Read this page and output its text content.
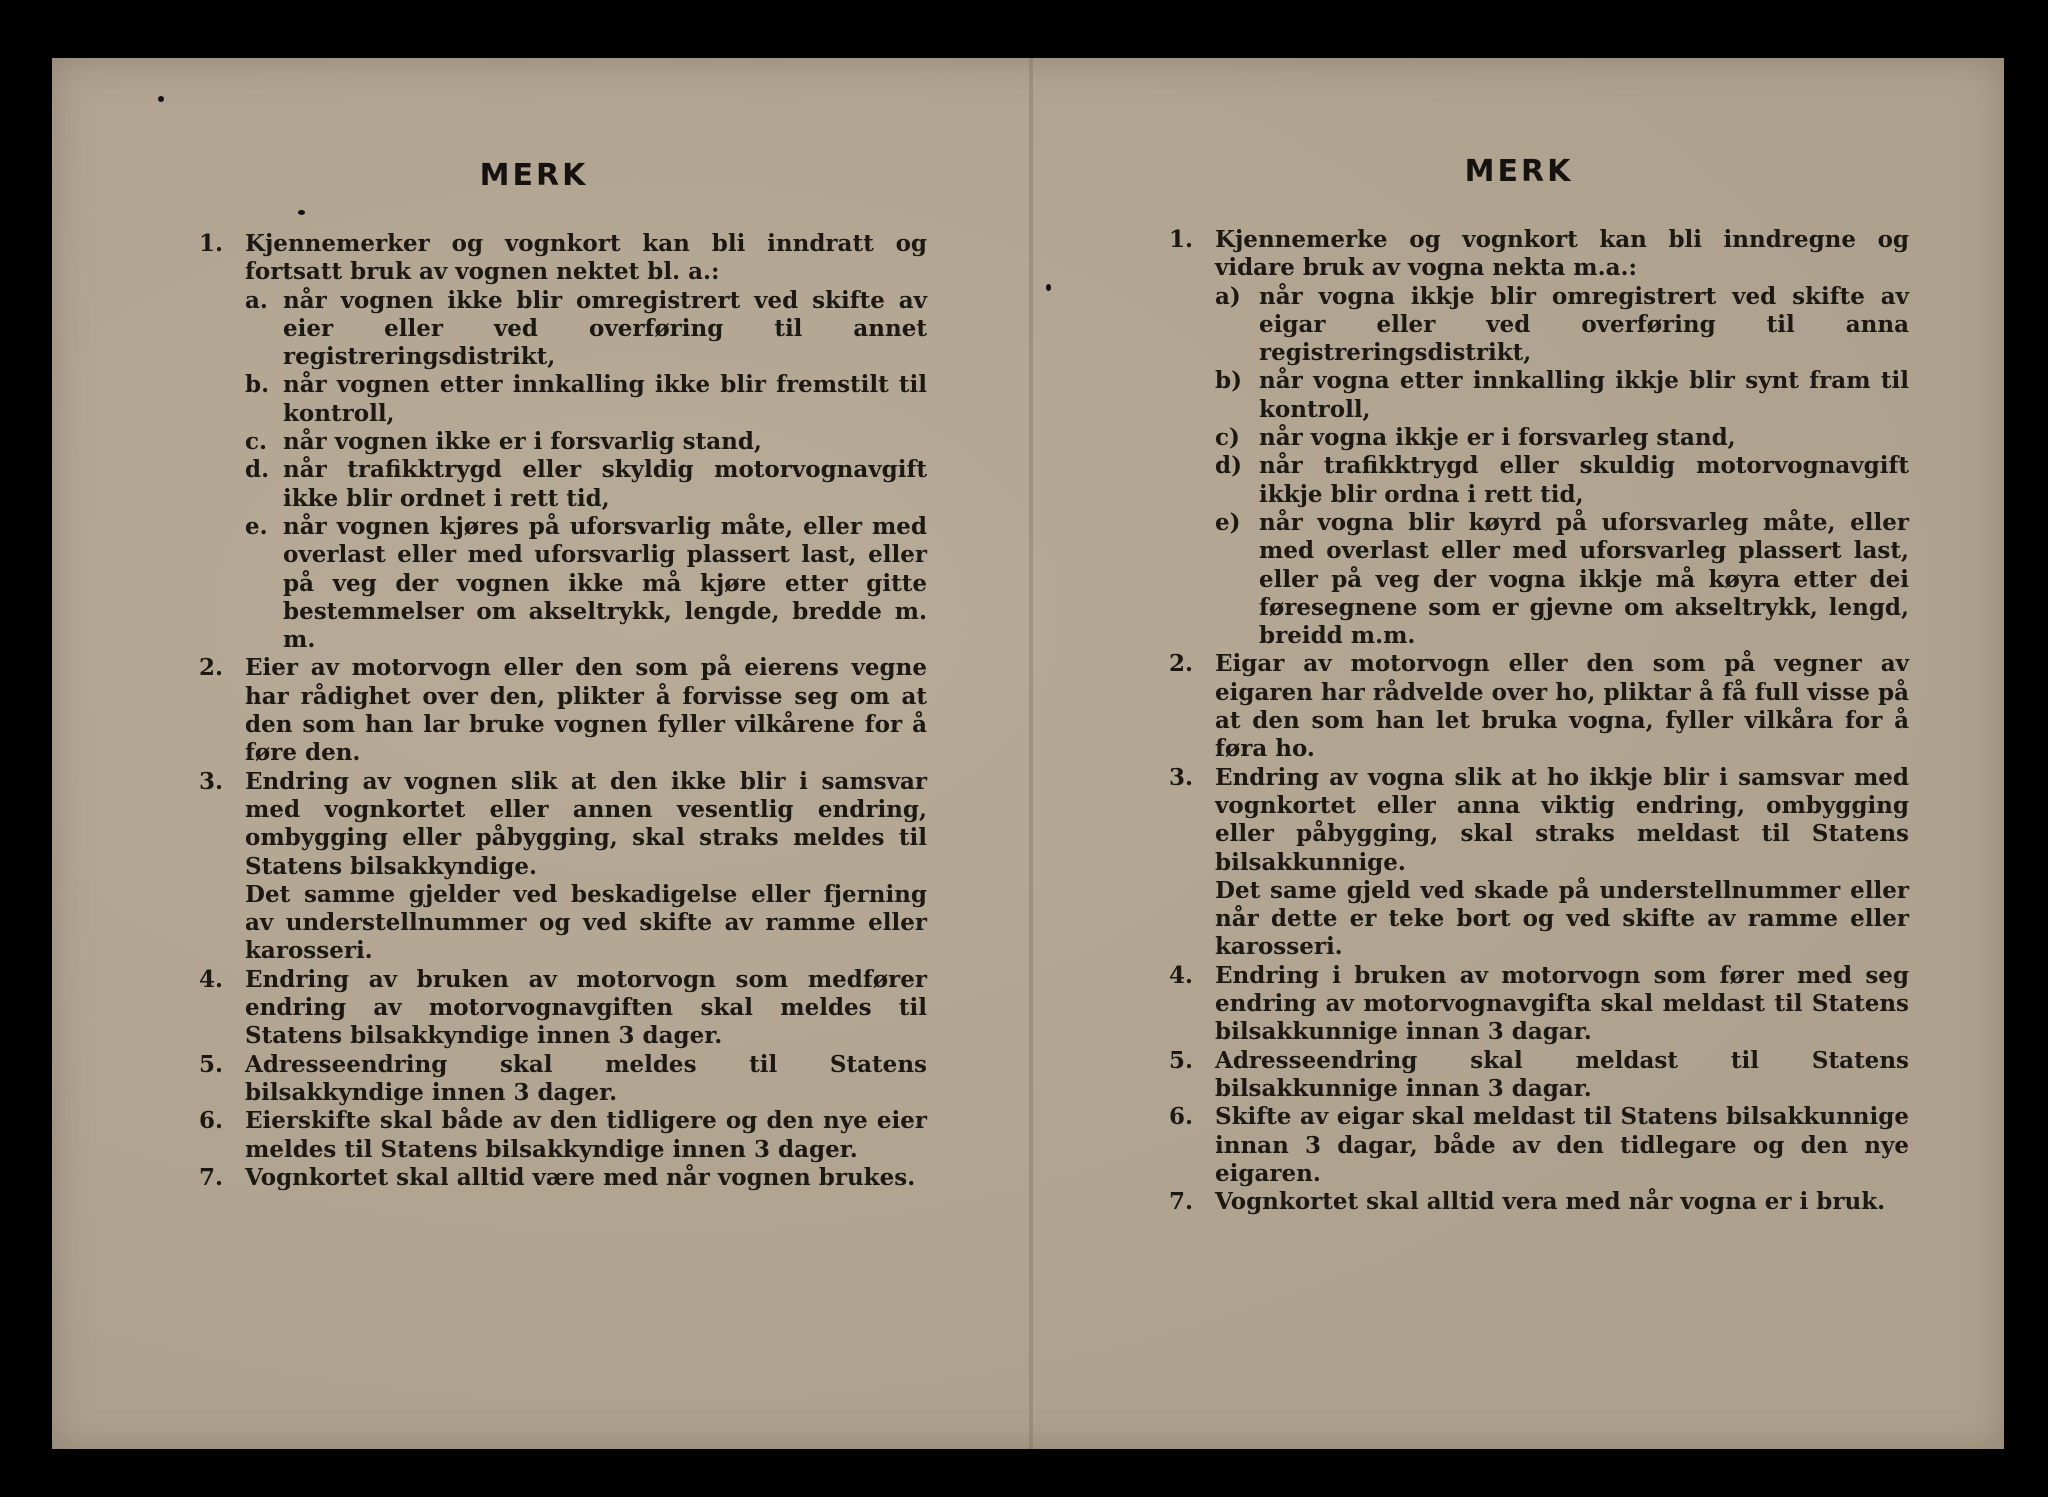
MERK
1. Kjennemerker og vognkort kan bli inndratt og fortsatt bruk av vognen nektet bl. a.:
a. når vognen ikke blir omregistrert ved skifte av eier eller ved overføring til annet registreringsdistrikt,
b. når vognen etter innkalling ikke blir fremstilt til kontroll,
c. når vognen ikke er i forsvarlig stand,
d. når trafikktrygd eller skyldig motorvognavgift ikke blir ordnet i rett tid,
e. når vognen kjøres på uforsvarlig måte, eller med overlast eller med uforsvarlig plassert last, eller på veg der vognen ikke må kjøre etter gitte bestemmelser om akseltrykk, lengde, bredde m. m.
2. Eier av motorvogn eller den som på eierens vegne har rådighet over den, plikter å forvisse seg om at den som han lar bruke vognen fyller vilkårene for å føre den.
3. Endring av vognen slik at den ikke blir i samsvar med vognkortet eller annen vesentlig endring, ombygging eller påbygging, skal straks meldes til Statens bilsakkyndige.
Det samme gjelder ved beskadigelse eller fjerning av understellnummer og ved skifte av ramme eller karosseri.
4. Endring av bruken av motorvogn som medfører endring av motorvognavgiften skal meldes til Statens bilsakkyndige innen 3 dager.
5. Adresseendring skal meldes til Statens bilsakkyndige innen 3 dager.
6. Eierskifte skal både av den tidligere og den nye eier meldes til Statens bilsakkyndige innen 3 dager.
7. Vognkortet skal alltid være med når vognen brukes.
MERK
1. Kjennemerke og vognkort kan bli inndregne og vidare bruk av vogna nekta m.a.:
a) når vogna ikkje blir omregistrert ved skifte av eigar eller ved overføring til anna registreringsdistrikt,
b) når vogna etter innkalling ikkje blir synt fram til kontroll,
c) når vogna ikkje er i forsvarleg stand,
d) når trafikktrygd eller skuldig motorvognavgift ikkje blir ordna i rett tid,
e) når vogna blir køyrd på uforsvarleg måte, eller med overlast eller med uforsvarleg plassert last, eller på veg der vogna ikkje må køyra etter dei føresegnene som er gjevne om akseltrykk, lengd, breidd m.m.
2. Eigar av motorvogn eller den som på vegner av eigaren har rådvelde over ho, pliktar å få full visse på at den som han let bruka vogna, fyller vilkåra for å føra ho.
3. Endring av vogna slik at ho ikkje blir i samsvar med vognkortet eller anna viktig endring, ombygging eller påbygging, skal straks meldast til Statens bilsakkunnige.
Det same gjeld ved skade på understellnummer eller når dette er teke bort og ved skifte av ramme eller karosseri.
4. Endring i bruken av motorvogn som fører med seg endring av motorvognavgifta skal meldast til Statens bilsakkunnige innan 3 dagar.
5. Adresseendring skal meldast til Statens bilsakkunnige innan 3 dagar.
6. Skifte av eigar skal meldast til Statens bilsakkunnige innan 3 dagar, både av den tidlegare og den nye eigaren.
7. Vognkortet skal alltid vera med når vogna er i bruk.
